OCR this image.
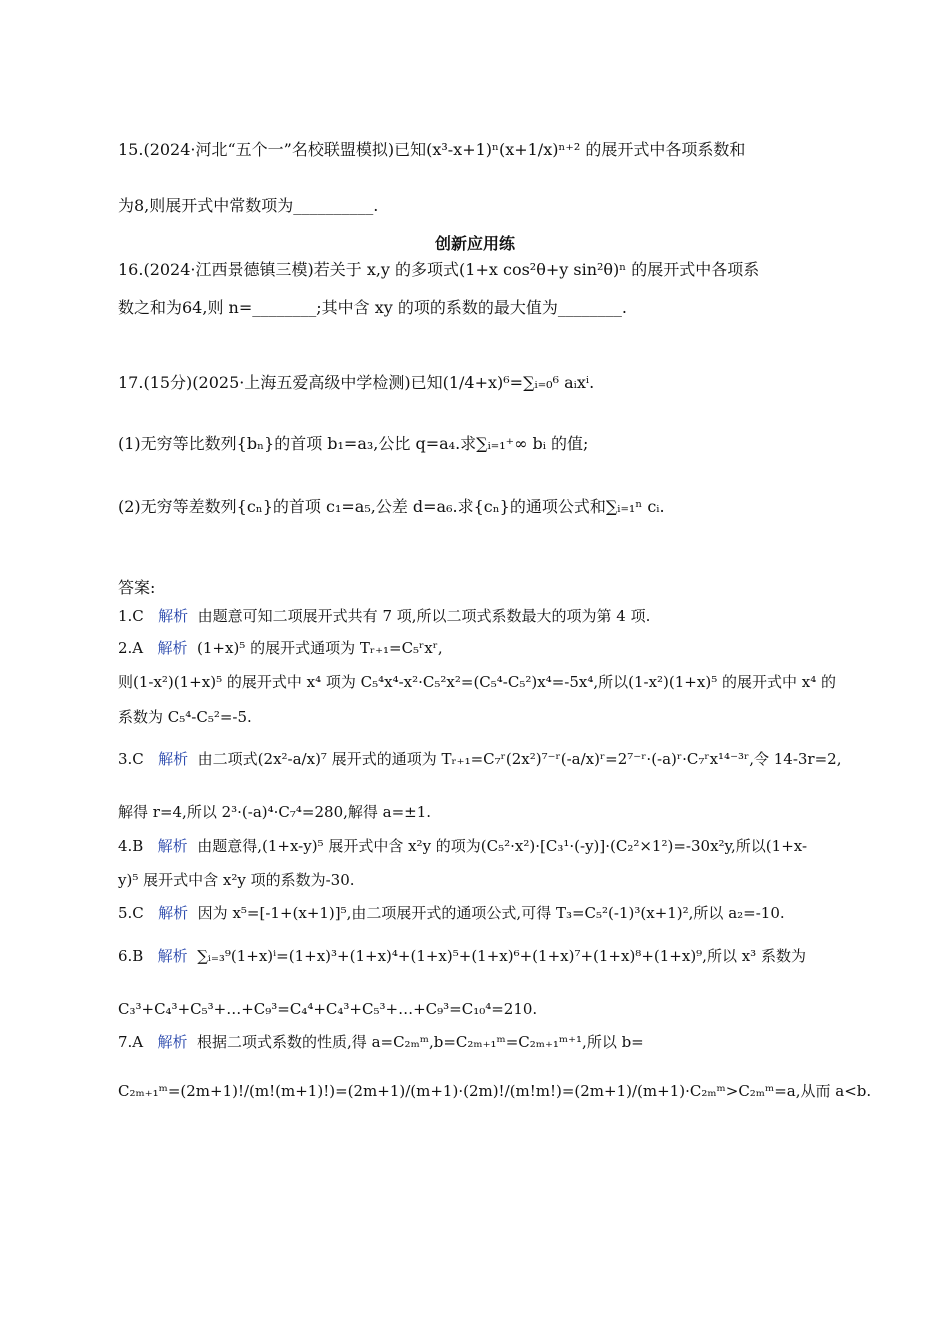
15.(2024·河北“五个一”名校联盟模拟)已知(x³-x+1)ⁿ(x+1/x)ⁿ⁺² 的展开式中各项系数和
为8,则展开式中常数项为__________.
创新应用练
16.(2024·江西景德镇三模)若关于 x,y 的多项式(1+x cos²θ+y sin²θ)ⁿ 的展开式中各项系
数之和为64,则 n=________;其中含 xy 的项的系数的最大值为________.
17.(15分)(2025·上海五爱高级中学检测)已知(1/4+x)⁶=∑ᵢ₌₀⁶ aᵢxⁱ.
(1)无穷等比数列{bₙ}的首项 b₁=a₃,公比 q=a₄.求∑ᵢ₌₁⁺∞ bᵢ 的值;
(2)无穷等差数列{cₙ}的首项 c₁=a₅,公差 d=a₆.求{cₙ}的通项公式和∑ᵢ₌₁ⁿ cᵢ.
答案:
1.C 解析 由题意可知二项展开式共有 7 项,所以二项式系数最大的项为第 4 项.
2.A 解析 (1+x)⁵ 的展开式通项为 Tᵣ₊₁=C₅ʳxʳ,
则(1-x²)(1+x)⁵ 的展开式中 x⁴ 项为 C₅⁴x⁴-x²·C₅²x²=(C₅⁴-C₅²)x⁴=-5x⁴,所以(1-x²)(1+x)⁵ 的展开式中 x⁴ 的
系数为 C₅⁴-C₅²=-5.
3.C 解析 由二项式(2x²-a/x)⁷ 展开式的通项为 Tᵣ₊₁=C₇ʳ(2x²)⁷⁻ʳ(-a/x)ʳ=2⁷⁻ʳ·(-a)ʳ·C₇ʳx¹⁴⁻³ʳ,令 14-3r=2,
解得 r=4,所以 2³·(-a)⁴·C₇⁴=280,解得 a=±1.
4.B 解析 由题意得,(1+x-y)⁵ 展开式中含 x²y 的项为(C₅²·x²)·[C₃¹·(-y)]·(C₂²×1²)=-30x²y,所以(1+x-
y)⁵ 展开式中含 x²y 项的系数为-30.
5.C 解析 因为 x⁵=[-1+(x+1)]⁵,由二项展开式的通项公式,可得 T₃=C₅²(-1)³(x+1)²,所以 a₂=-10.
6.B 解析 ∑ᵢ₌₃⁹(1+x)ⁱ=(1+x)³+(1+x)⁴+(1+x)⁵+(1+x)⁶+(1+x)⁷+(1+x)⁸+(1+x)⁹,所以 x³ 系数为
C₃³+C₄³+C₅³+…+C₉³=C₄⁴+C₄³+C₅³+…+C₉³=C₁₀⁴=210.
7.A 解析 根据二项式系数的性质,得 a=C₂ₘᵐ,b=C₂ₘ₊₁ᵐ=C₂ₘ₊₁ᵐ⁺¹,所以 b=
C₂ₘ₊₁ᵐ=(2m+1)!/(m!(m+1)!)=(2m+1)/(m+1)·(2m)!/(m!m!)=(2m+1)/(m+1)·C₂ₘᵐ>C₂ₘᵐ=a,从而 a<b.
